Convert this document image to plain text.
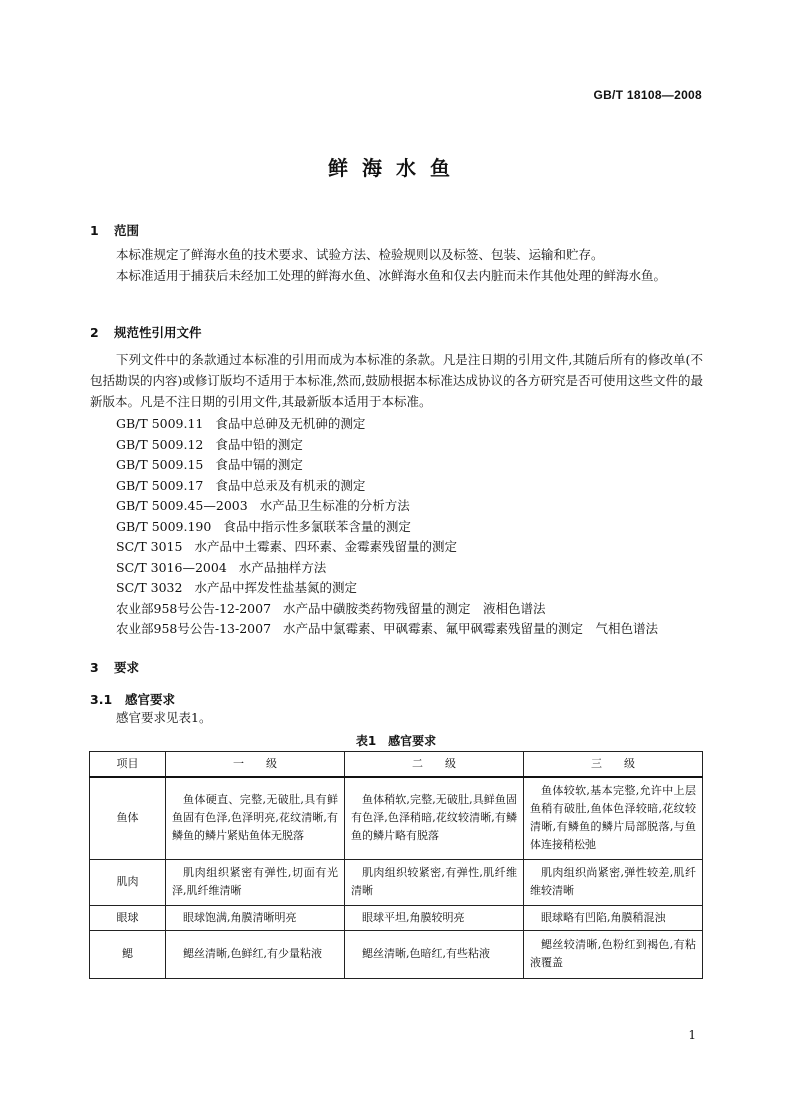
GB/T 18108—2008
鲜海水鱼
1 范围

本标准规定了鲜海水鱼的技术要求、试验方法、检验规则以及标签、包装、运输和贮存。

本标准适用于捕获后未经加工处理的鲜海水鱼、冰鲜海水鱼和仅去内脏而未作其他处理的鲜海水鱼。

2 规范性引用文件

下列文件中的条款通过本标准的引用而成为本标准的条款。凡是注日期的引用文件,其随后所有的修改单(不包括勘误的内容)或修订版均不适用于本标准,然而,鼓励根据本标准达成协议的各方研究是否可使用这些文件的最新版本。凡是不注日期的引用文件,其最新版本适用于本标准。

GB/T 5009.11 食品中总砷及无机砷的测定
GB/T 5009.12 食品中铅的测定
GB/T 5009.15 食品中镉的测定
GB/T 5009.17 食品中总汞及有机汞的测定
GB/T 5009.45—2003 水产品卫生标准的分析方法
GB/T 5009.190 食品中指示性多氯联苯含量的测定
SC/T 3015 水产品中土霉素、四环素、金霉素残留量的测定
SC/T 3016—2004 水产品抽样方法
SC/T 3032 水产品中挥发性盐基氮的测定
农业部958号公告-12-2007 水产品中磺胺类药物残留量的测定　液相色谱法
农业部958号公告-13-2007 水产品中氯霉素、甲砜霉素、氟甲砜霉素残留量的测定　气相色谱法
3 要求
3.1 感官要求

感官要求见表1。

表1　感官要求
项目	一　　级	二　　级	三　　级
鱼体	鱼体硬直、完整,无破肚,具有鲜鱼固有色泽,色泽明亮,花纹清晰,有鳞鱼的鳞片紧贴鱼体无脱落	鱼体稍软,完整,无破肚,具鲜鱼固有色泽,色泽稍暗,花纹较清晰,有鳞鱼的鳞片略有脱落	鱼体较软,基本完整,允许中上层鱼稍有破肚,鱼体色泽较暗,花纹较清晰,有鳞鱼的鳞片局部脱落,与鱼体连接稍松弛
肌肉	肌肉组织紧密有弹性,切面有光泽,肌纤维清晰	肌肉组织较紧密,有弹性,肌纤维清晰	肌肉组织尚紧密,弹性较差,肌纤维较清晰
眼球	眼球饱满,角膜清晰明亮	眼球平坦,角膜较明亮	眼球略有凹陷,角膜稍混浊
鳃	鳃丝清晰,色鲜红,有少量粘液	鳃丝清晰,色暗红,有些粘液	鳃丝较清晰,色粉红到褐色,有粘液覆盖
1
